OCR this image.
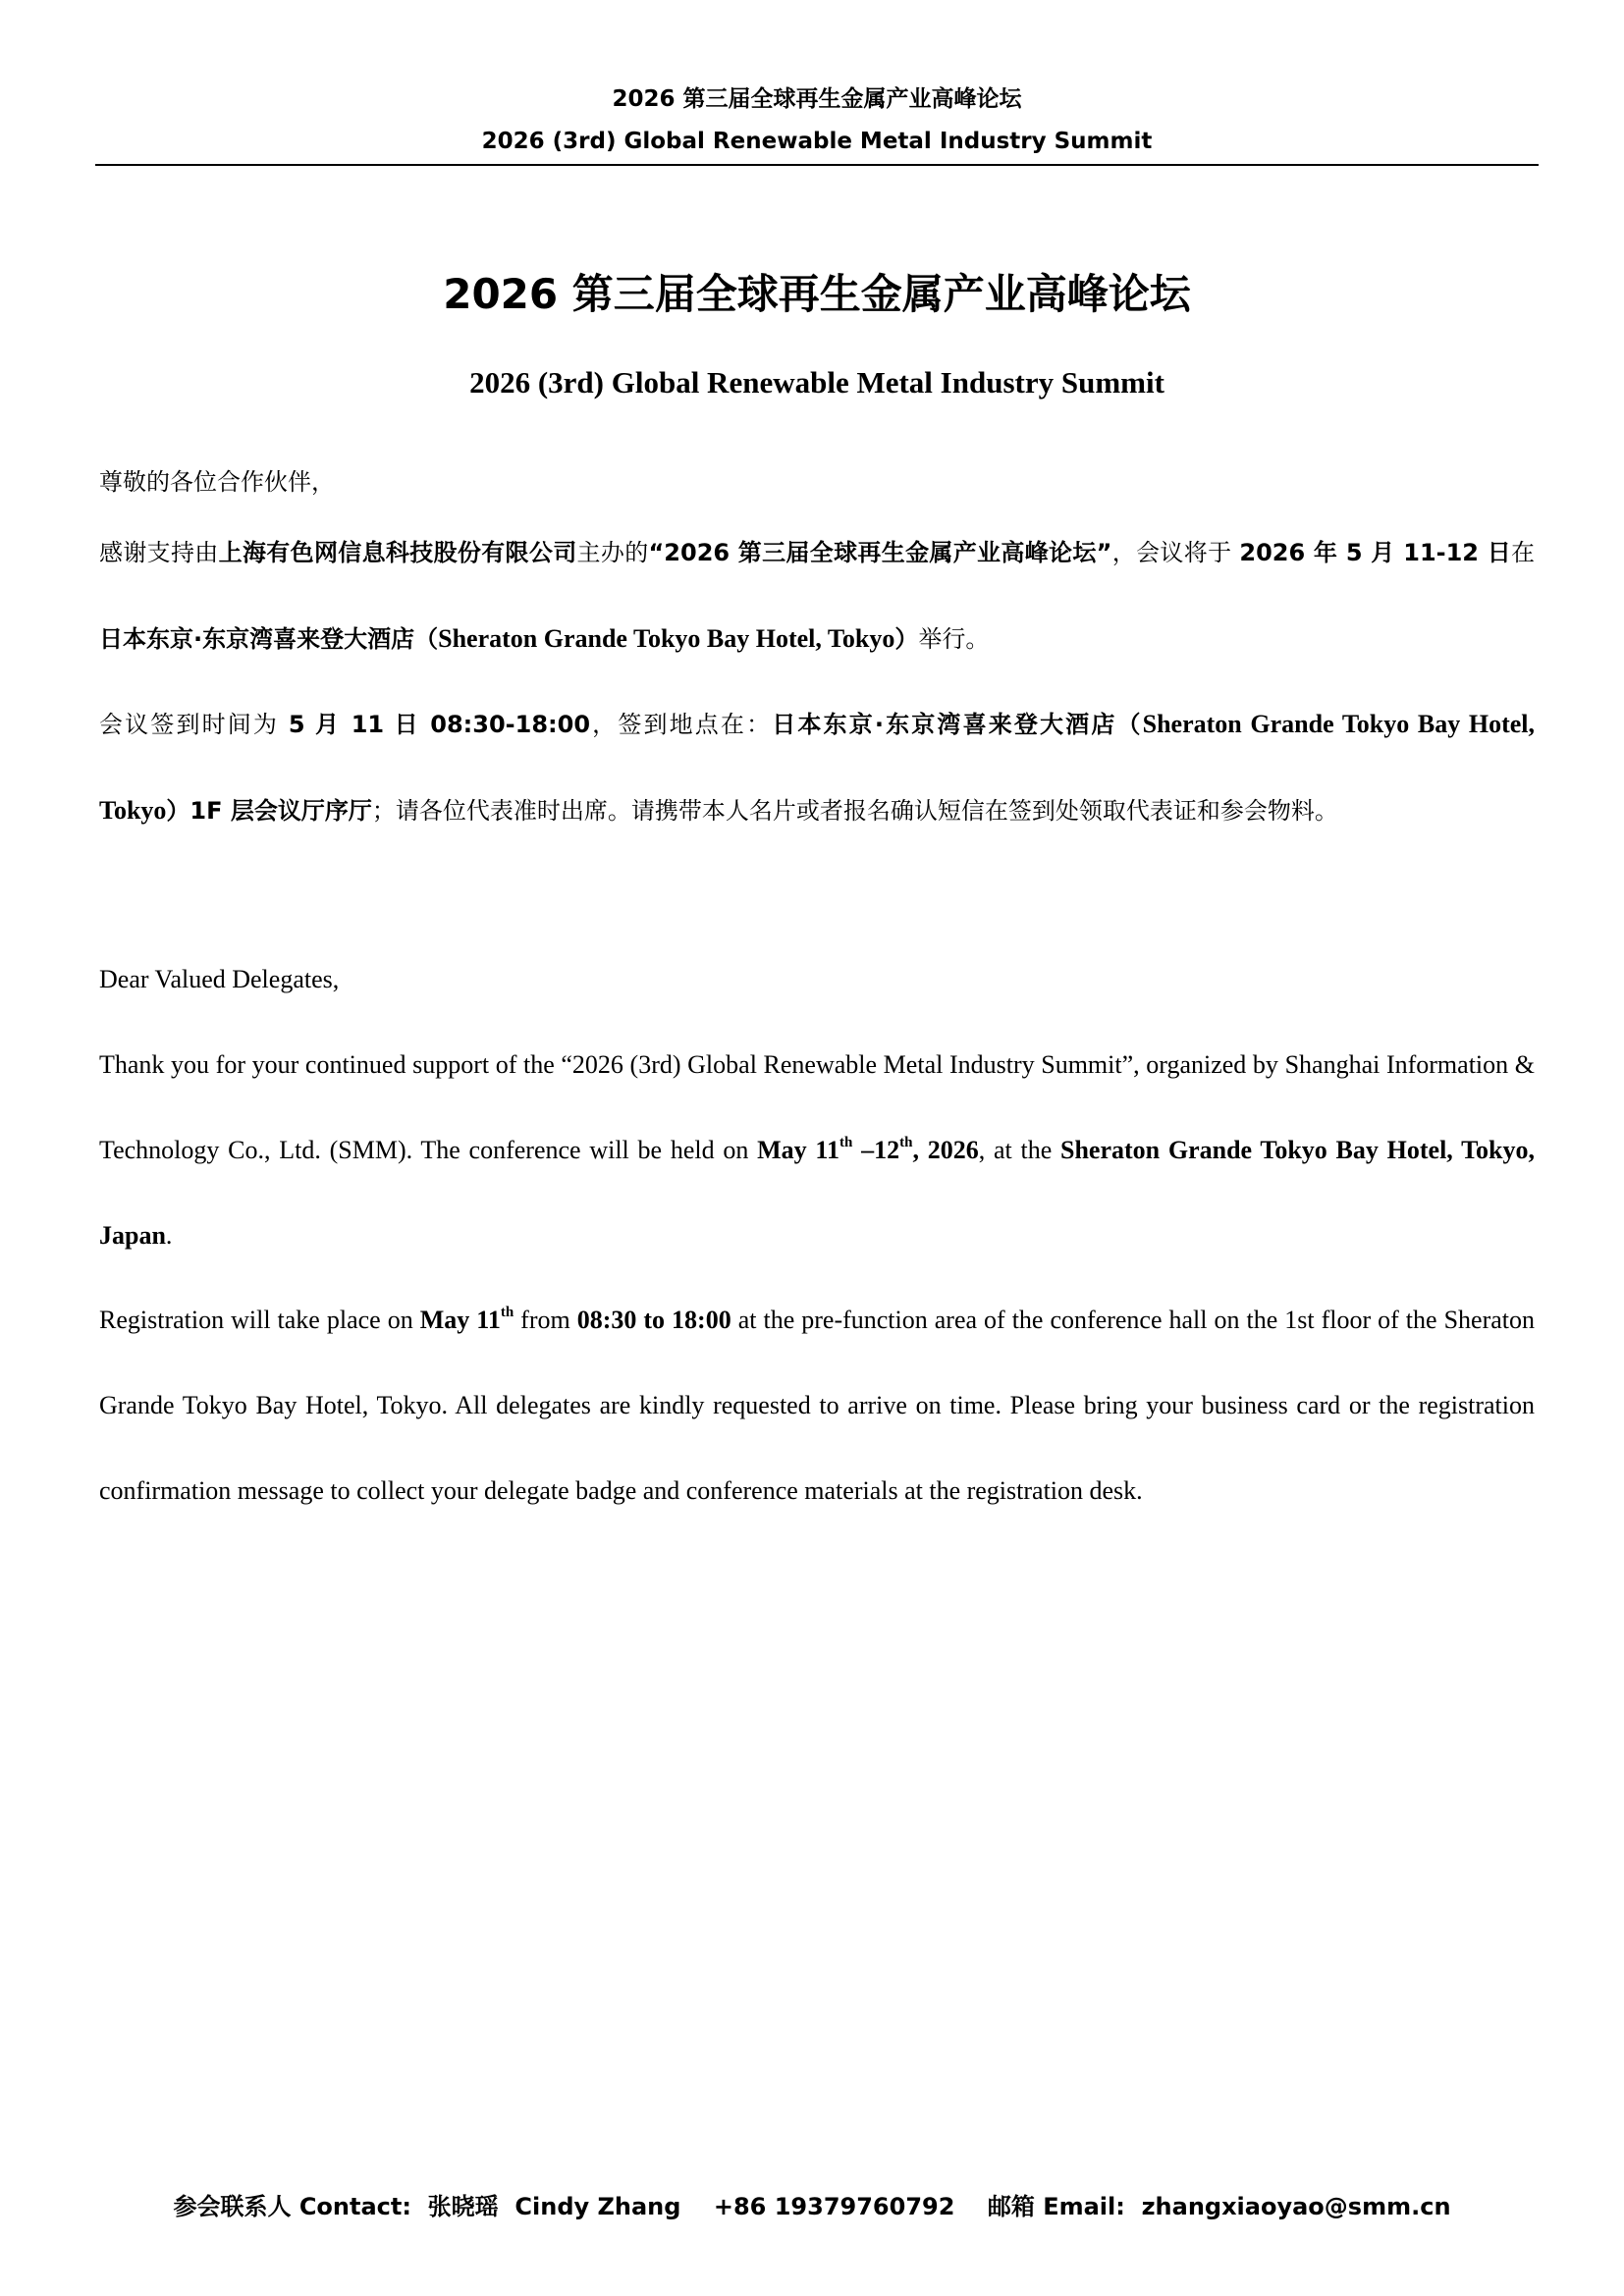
2026 第三届全球再生金属产业高峰论坛
2026 (3rd) Global Renewable Metal Industry Summit
2026 第三届全球再生金属产业高峰论坛
2026 (3rd) Global Renewable Metal Industry Summit

尊敬的各位合作伙伴，

感谢支持由上海有色网信息科技股份有限公司主办的“2026 第三届全球再生金属产业高峰论坛”，会议将于 2026 年 5 月 11-12 日在日本东京·东京湾喜来登大酒店（Sheraton Grande Tokyo Bay Hotel, Tokyo）举行。

会议签到时间为 5 月 11 日 08:30-18:00，签到地点在：日本东京·东京湾喜来登大酒店（Sheraton Grande Tokyo Bay Hotel, Tokyo）1F 层会议厅序厅；请各位代表准时出席。请携带本人名片或者报名确认短信在签到处领取代表证和参会物料。

Dear Valued Delegates,

Thank you for your continued support of the “2026 (3rd) Global Renewable Metal Industry Summit”, organized by Shanghai Information & Technology Co., Ltd. (SMM). The conference will be held on May 11th –12th, 2026, at the Sheraton Grande Tokyo Bay Hotel, Tokyo, Japan.

Registration will take place on May 11th from 08:30 to 18:00 at the pre-function area of the conference hall on the 1st floor of the Sheraton Grande Tokyo Bay Hotel, Tokyo. All delegates are kindly requested to arrive on time. Please bring your business card or the registration confirmation message to collect your delegate badge and conference materials at the registration desk.

参会联系人 Contact:  张晓瑶  Cindy Zhang    +86 19379760792    邮箱 Email:  zhangxiaoyao@smm.cn
